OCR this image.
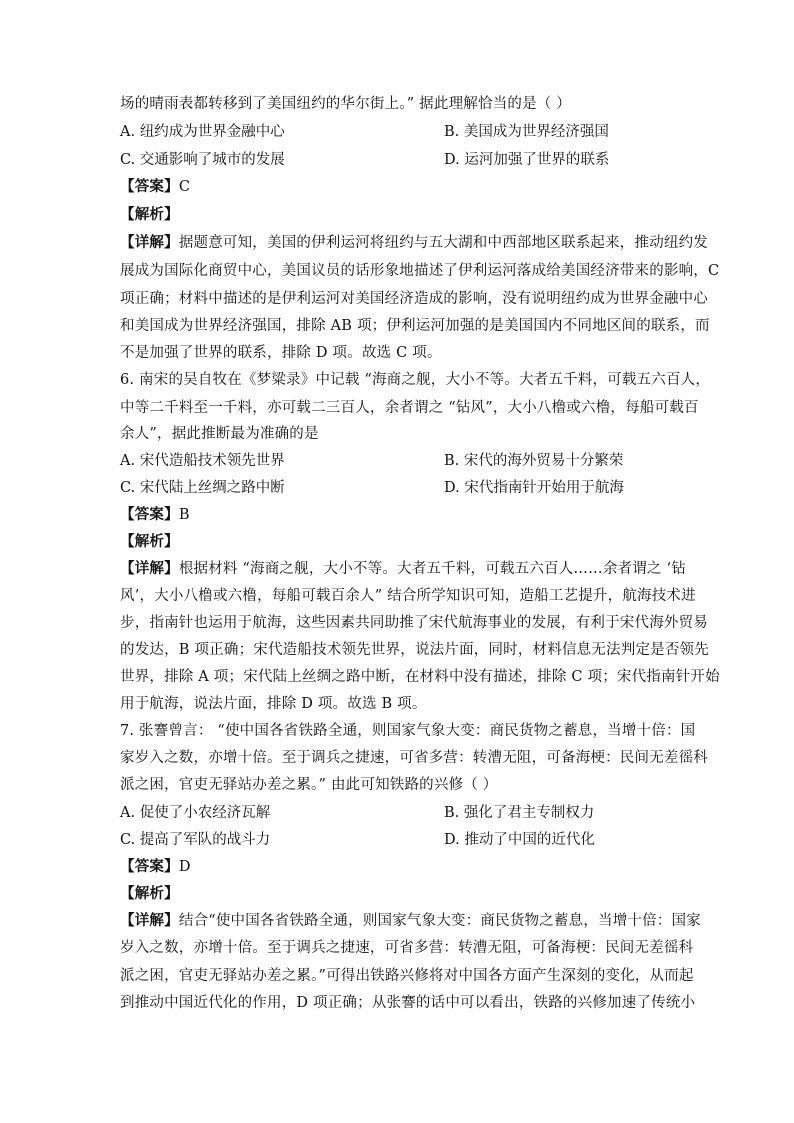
场的晴雨表都转移到了美国纽约的华尔街上。” 据此理解恰当的是（ ）
A. 纽约成为世界金融中心	B. 美国成为世界经济强国
C. 交通影响了城市的发展	D. 运河加强了世界的联系
【答案】C
【解析】
【详解】据题意可知，美国的伊利运河将纽约与五大湖和中西部地区联系起来，推动纽约发
展成为国际化商贸中心，美国议员的话形象地描述了伊利运河落成给美国经济带来的影响，C
项正确；材料中描述的是伊利运河对美国经济造成的影响，没有说明纽约成为世界金融中心
和美国成为世界经济强国，排除 AB 项；伊利运河加强的是美国国内不同地区间的联系，而
不是加强了世界的联系，排除 D 项。故选 C 项。
6. 南宋的吴自牧在《梦粱录》中记载 “海商之舰，大小不等。大者五千料，可载五六百人，
中等二千料至一千料，亦可载二三百人，余者谓之 “钻风”，大小八橹或六橹，每船可载百
余人”，据此推断最为准确的是
A. 宋代造船技术领先世界	B. 宋代的海外贸易十分繁荣
C. 宋代陆上丝绸之路中断	D. 宋代指南针开始用于航海
【答案】B
【解析】
【详解】根据材料 “海商之舰，大小不等。大者五千料，可载五六百人……余者谓之 ‘钻
风’，大小八橹或六橹，每船可载百余人” 结合所学知识可知，造船工艺提升，航海技术进
步，指南针也运用于航海，这些因素共同助推了宋代航海事业的发展，有利于宋代海外贸易
的发达，B 项正确；宋代造船技术领先世界，说法片面，同时，材料信息无法判定是否领先
世界，排除 A 项；宋代陆上丝绸之路中断，在材料中没有描述，排除 C 项；宋代指南针开始
用于航海，说法片面，排除 D 项。故选 B 项。
7. 张謇曾言： “使中国各省铁路全通，则国家气象大变：商民货物之蓄息，当增十倍：国
家岁入之数，亦增十倍。至于调兵之捷速，可省多营：转漕无阻，可备海梗：民间无差徭科
派之困，官吏无驿站办差之累。” 由此可知铁路的兴修（ ）
A. 促使了小农经济瓦解	B. 强化了君主专制权力
C. 提高了军队的战斗力	D. 推动了中国的近代化
【答案】D
【解析】
【详解】结合“使中国各省铁路全通，则国家气象大变：商民货物之蓄息，当增十倍：国家
岁入之数，亦增十倍。至于调兵之捷速，可省多营：转漕无阻，可备海梗：民间无差徭科
派之困，官吏无驿站办差之累。”可得出铁路兴修将对中国各方面产生深刻的变化，从而起
到推动中国近代化的作用，D 项正确；从张謇的话中可以看出，铁路的兴修加速了传统小
